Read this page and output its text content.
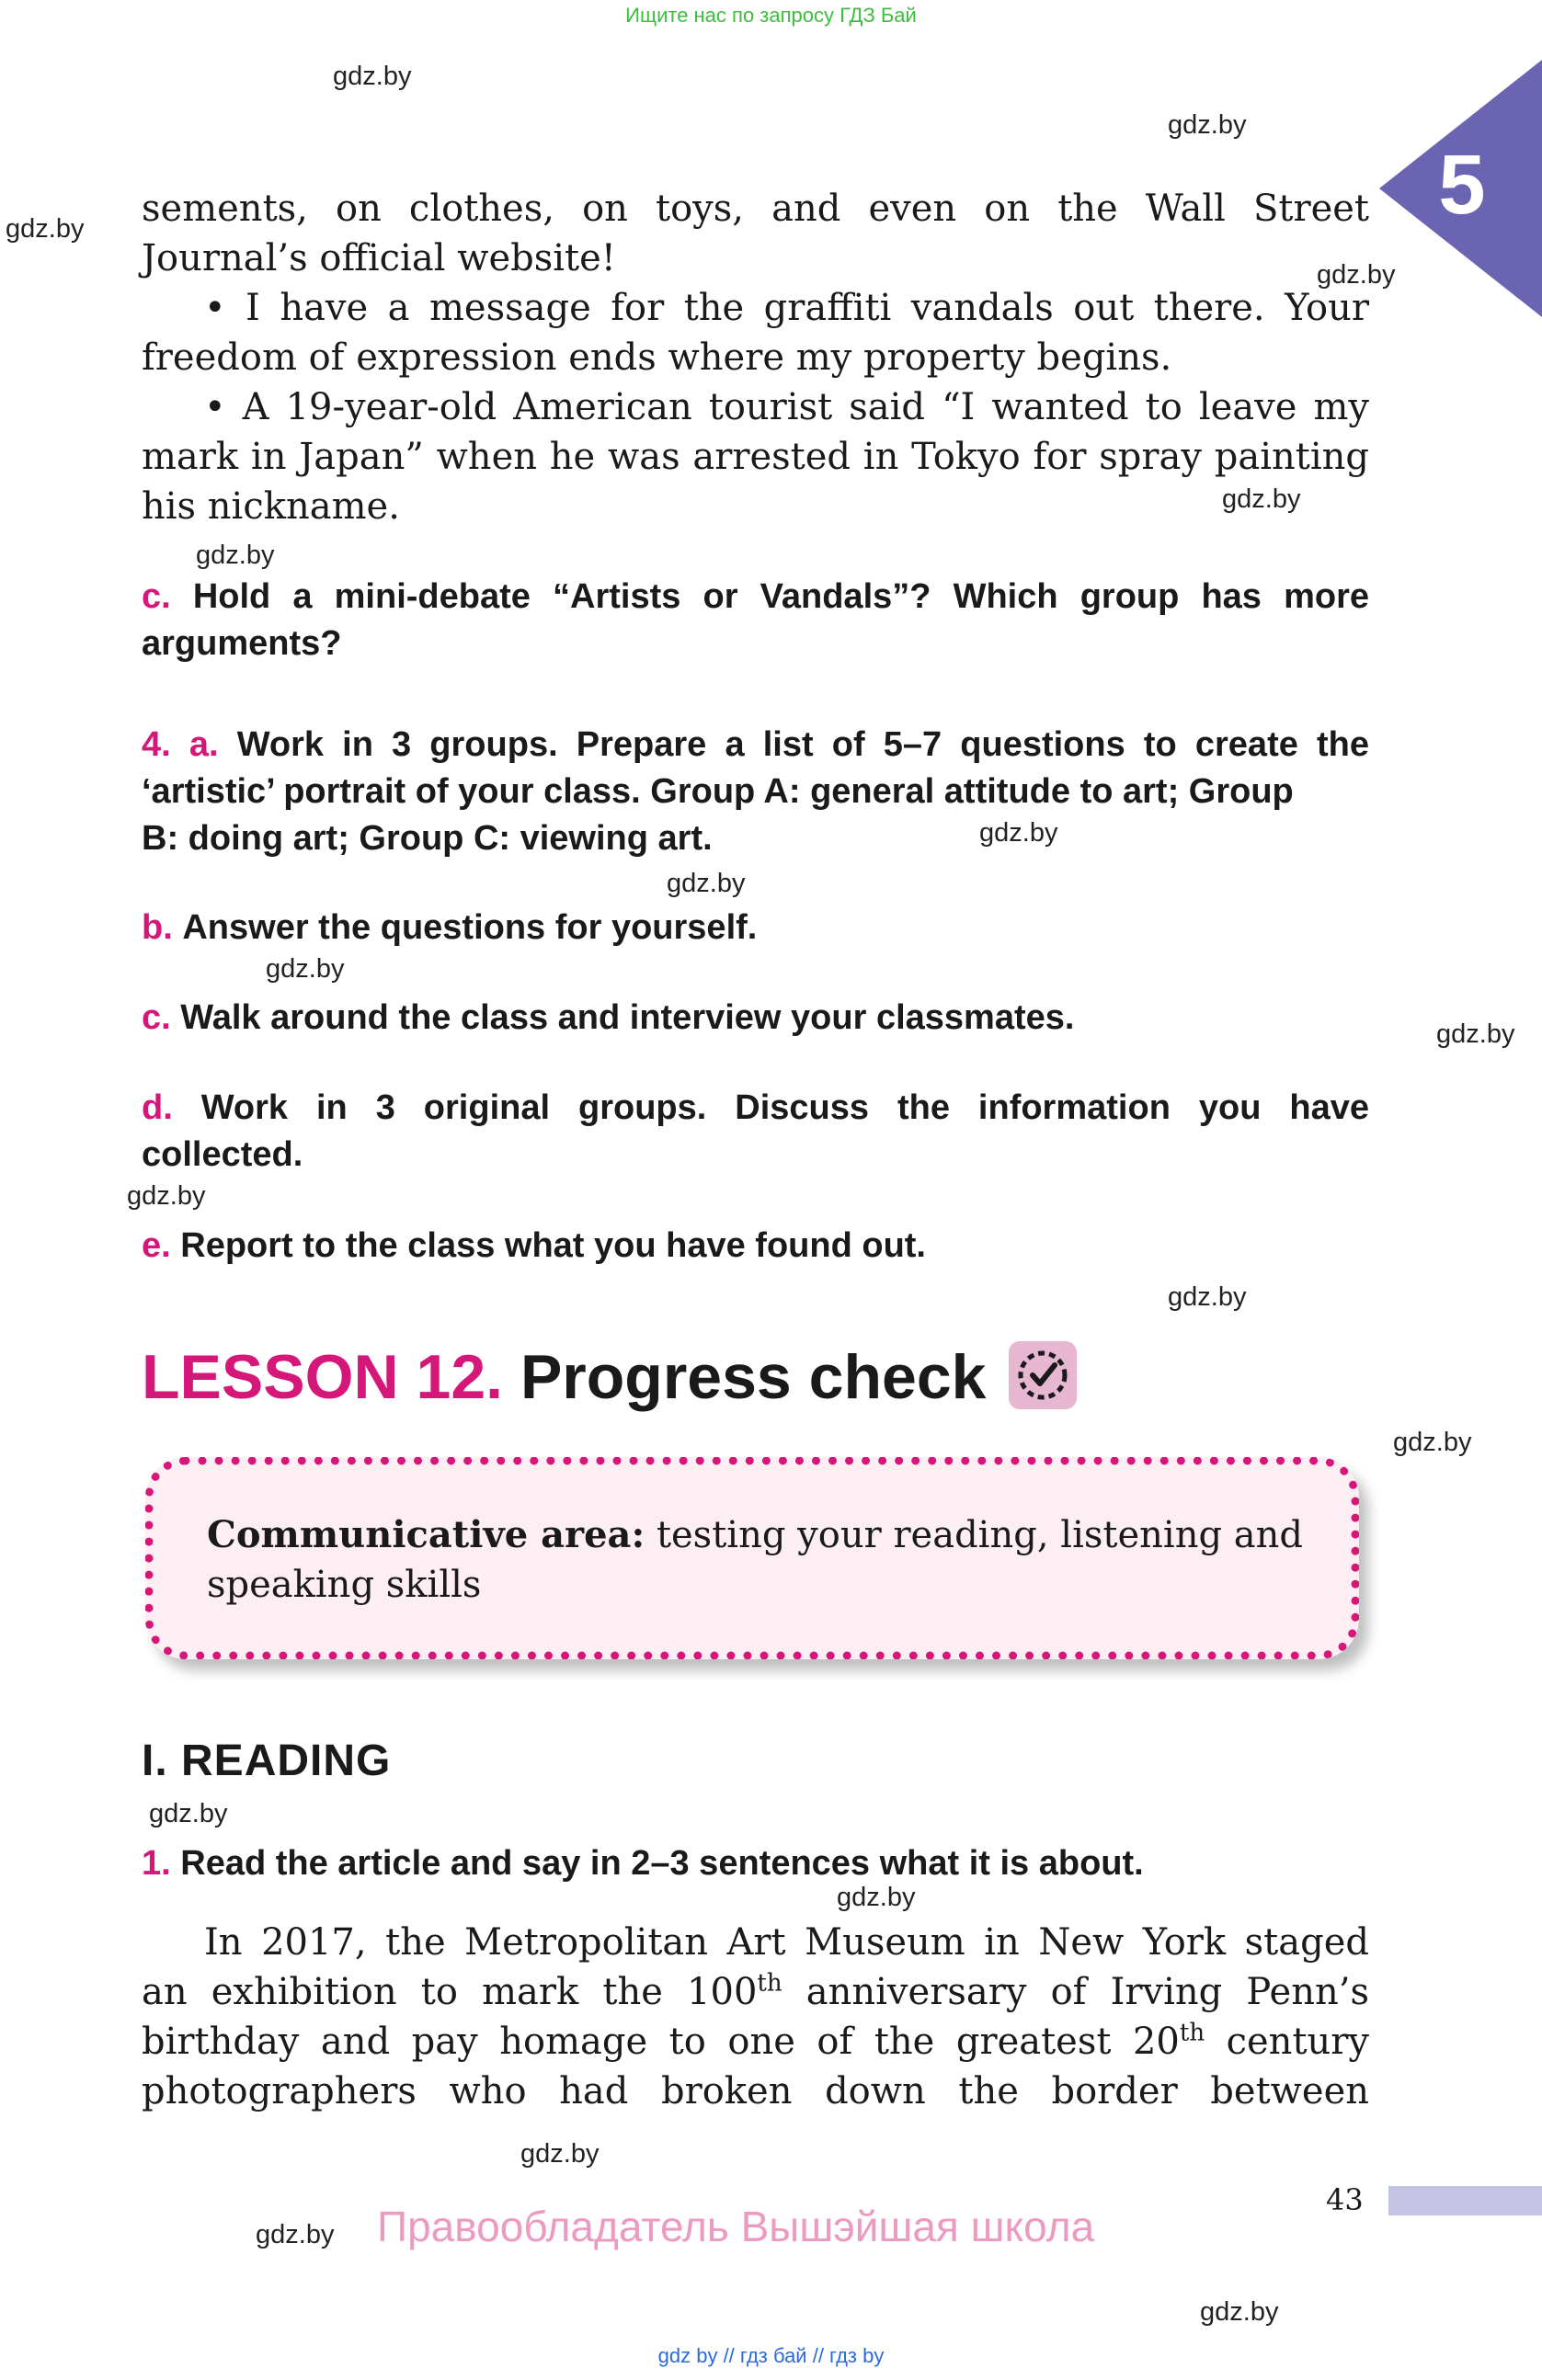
Ищите нас по запросу ГДЗ Бай
5
gdz.by
gdz.by
gdz.by
gdz.by
gdz.by
gdz.by
gdz.by
gdz.by
gdz.by
gdz.by
gdz.by
gdz.by
gdz.by
gdz.by
gdz.by
gdz.by
gdz.by
gdz.by
sements, on clothes, on toys, and even on the Wall Street
Journal’s official website!
• I have a message for the graffiti vandals out there. Your
freedom of expression ends where my property begins.
• A 19-year-old American tourist said “I wanted to leave my
mark in Japan” when he was arrested in Tokyo for spray painting
his nickname.
c. Hold a mini-debate “Artists or Vandals”? Which group has more
arguments?
4. a. Work in 3 groups. Prepare a list of 5–7 questions to create the
‘artistic’ portrait of your class. Group A: general attitude to art; Group
B: doing art; Group C: viewing art.
b. Answer the questions for yourself.
c. Walk around the class and interview your classmates.
d. Work in 3 original groups. Discuss the information you have
collected.
e. Report to the class what you have found out.
LESSON 12. Progress check
Communicative area: testing your reading, listening and
speaking skills
I. READING
1. Read the article and say in 2–3 sentences what it is about.
In 2017, the Metropolitan Art Museum in New York staged
an exhibition to mark the 100th anniversary of Irving Penn’s
birthday and pay homage to one of the greatest 20th century
photographers who had broken down the border between
43
Правообладатель Вышэйшая школа
gdz by // гдз бай // гдз by
